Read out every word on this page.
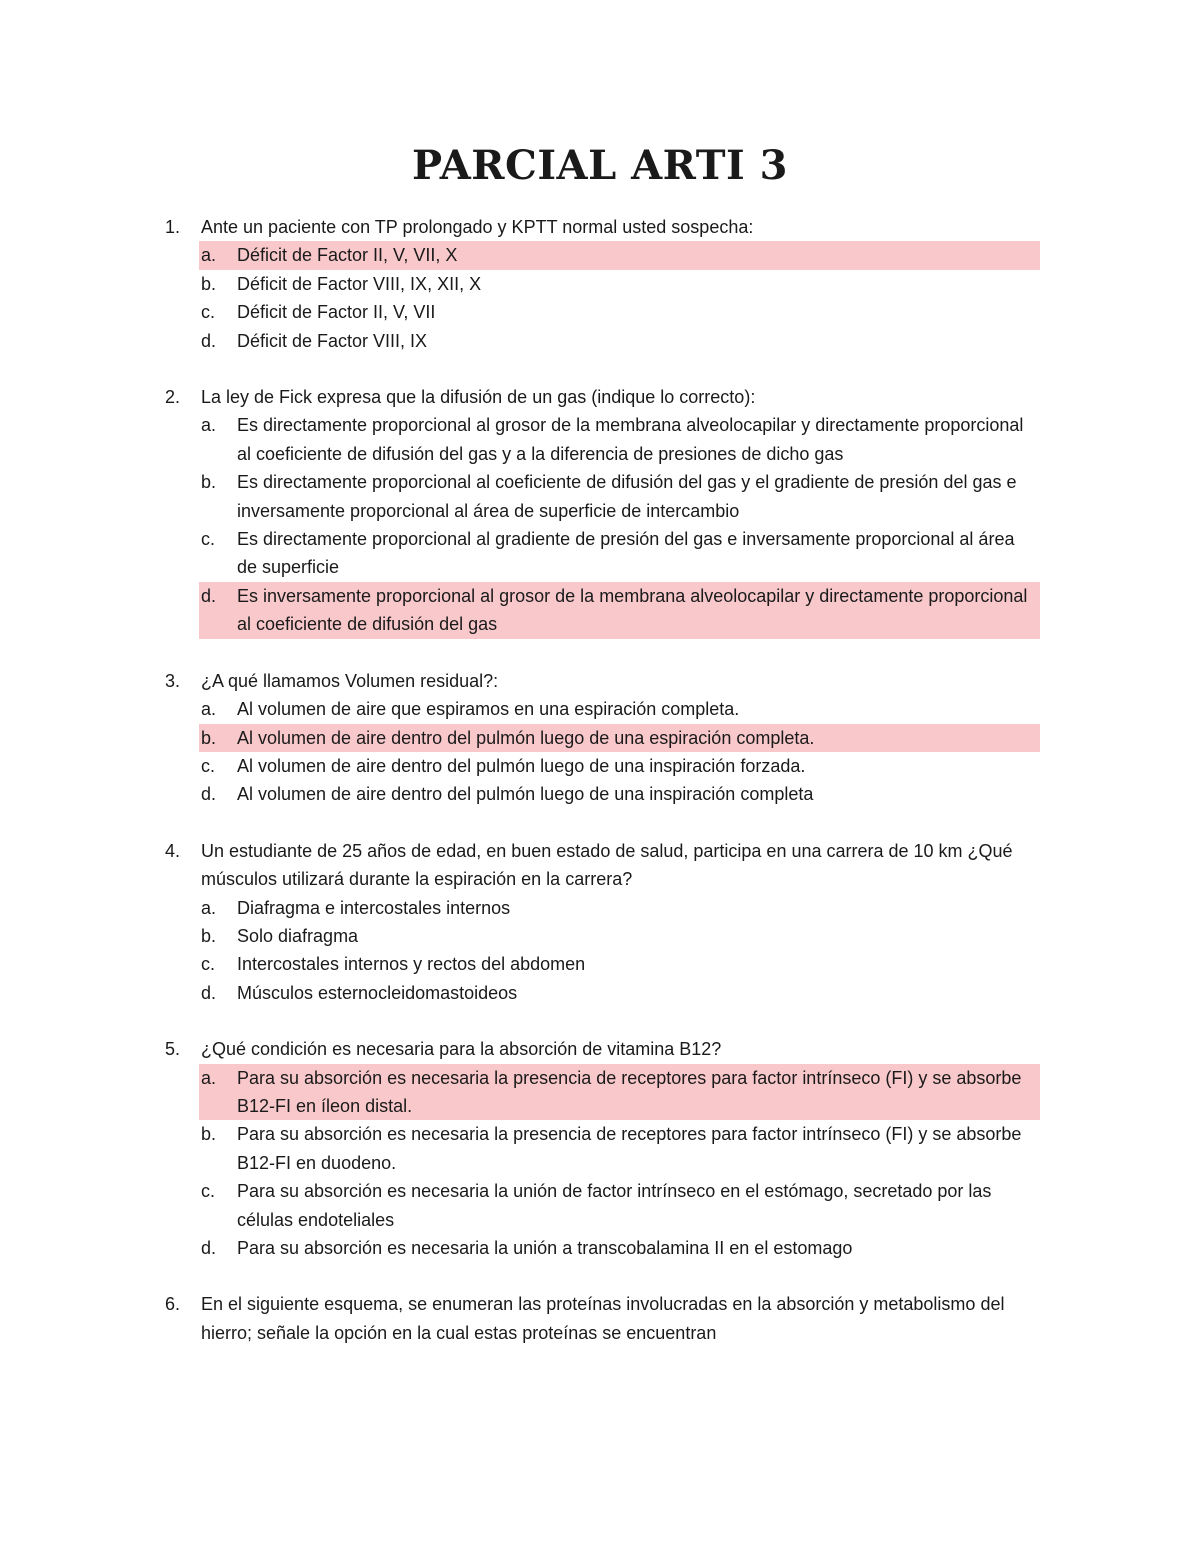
PARCIAL ARTI 3
1.	Ante un paciente con TP prolongado y KPTT normal usted sospecha:
a.	Déficit de Factor II, V, VII, X
b.	Déficit de Factor VIII, IX, XII, X
c.	Déficit de Factor II, V, VII
d.	Déficit de Factor VIII, IX
2.	La ley de Fick expresa que la difusión de un gas (indique lo correcto):
a.	Es directamente proporcional al grosor de la membrana alveolocapilar y directamente proporcional al coeficiente de difusión del gas y a la diferencia de presiones de dicho gas
b.	Es directamente proporcional al coeficiente de difusión del gas y el gradiente de presión del gas e inversamente proporcional al área de superficie de intercambio
c.	Es directamente proporcional al gradiente de presión del gas e inversamente proporcional al área de superficie
d.	Es inversamente proporcional al grosor de la membrana alveolocapilar y directamente proporcional al coeficiente de difusión del gas
3.	¿A qué llamamos Volumen residual?:
a.	Al volumen de aire que espiramos en una espiración completa.
b.	Al volumen de aire dentro del pulmón luego de una espiración completa.
c.	Al volumen de aire dentro del pulmón luego de una inspiración forzada.
d.	Al volumen de aire dentro del pulmón luego de una inspiración completa
4.	Un estudiante de 25 años de edad, en buen estado de salud, participa en una carrera de 10 km ¿Qué músculos utilizará durante la espiración en la carrera?
a.	Diafragma e intercostales internos
b.	Solo diafragma
c.	Intercostales internos y rectos del abdomen
d.	Músculos esternocleidomastoideos
5.	¿Qué condición es necesaria para la absorción de vitamina B12?
a.	Para su absorción es necesaria la presencia de receptores para factor intrínseco (FI) y se absorbe B12-FI en íleon distal.
b.	Para su absorción es necesaria la presencia de receptores para factor intrínseco (FI) y se absorbe B12-FI en duodeno.
c.	Para su absorción es necesaria la unión de factor intrínseco en el estómago, secretado por las células endoteliales
d.	Para su absorción es necesaria la unión a transcobalamina II en el estomago
6.	En el siguiente esquema, se enumeran las proteínas involucradas en la absorción y metabolismo del hierro; señale la opción en la cual estas proteínas se encuentran
